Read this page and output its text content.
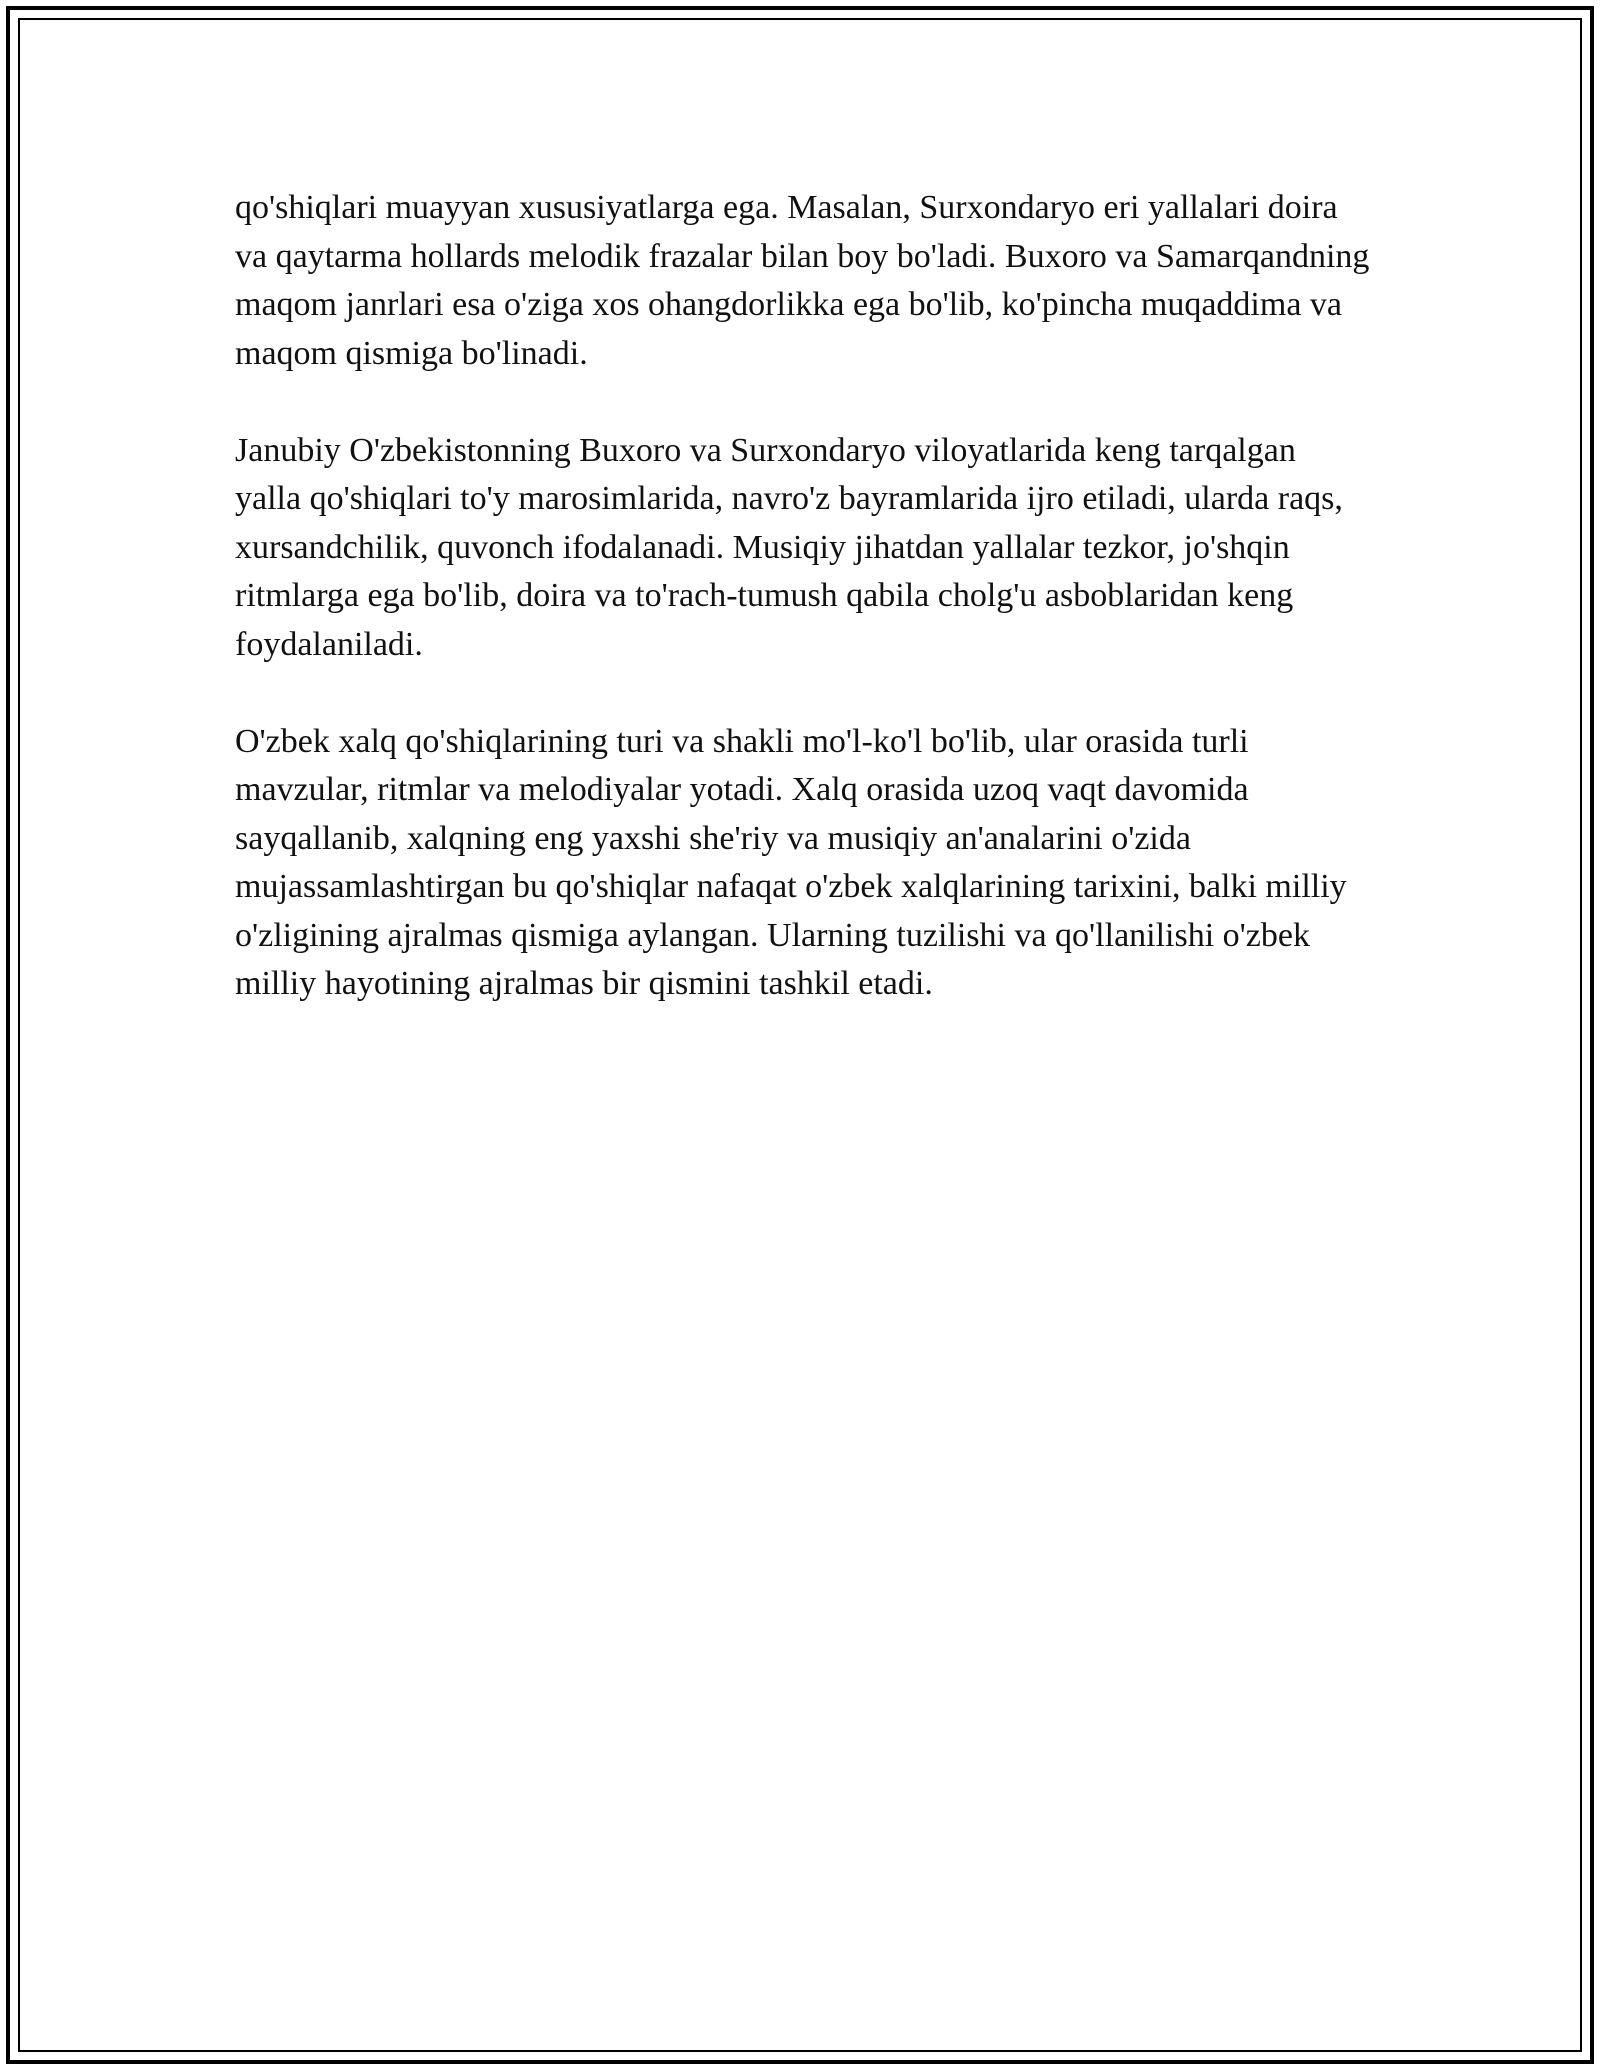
qo'shiqlari muayyan xususiyatlarga ega. Masalan, Surxondaryo eri yallalari doira va qaytarma hollards melodik frazalar bilan boy bo'ladi. Buxoro va Samarqandning maqom janrlari esa o'ziga xos ohangdorlikka ega bo'lib, ko'pincha muqaddima va maqom qismiga bo'linadi.

Janubiy O'zbekistonning Buxoro va Surxondaryo viloyatlarida keng tarqalgan yalla qo'shiqlari to'y marosimlarida, navro'z bayramlarida ijro etiladi, ularda raqs, xursandchilik, quvonch ifodalanadi. Musiqiy jihatdan yallalar tezkor, jo'shqin ritmlarga ega bo'lib, doira va to'rach-tumush qabila cholg'u asboblaridan keng foydalaniladi.

O'zbek xalq qo'shiqlarining turi va shakli mo'l-ko'l bo'lib, ular orasida turli mavzular, ritmlar va melodiyalar yotadi. Xalq orasida uzoq vaqt davomida sayqallanib, xalqning eng yaxshi she'riy va musiqiy an'analarini o'zida mujassamlashtirgan bu qo'shiqlar nafaqat o'zbek xalqlarining tarixini, balki milliy o'zligining ajralmas qismiga aylangan. Ularning tuzilishi va qo'llanilishi o'zbek milliy hayotining ajralmas bir qismini tashkil etadi.
